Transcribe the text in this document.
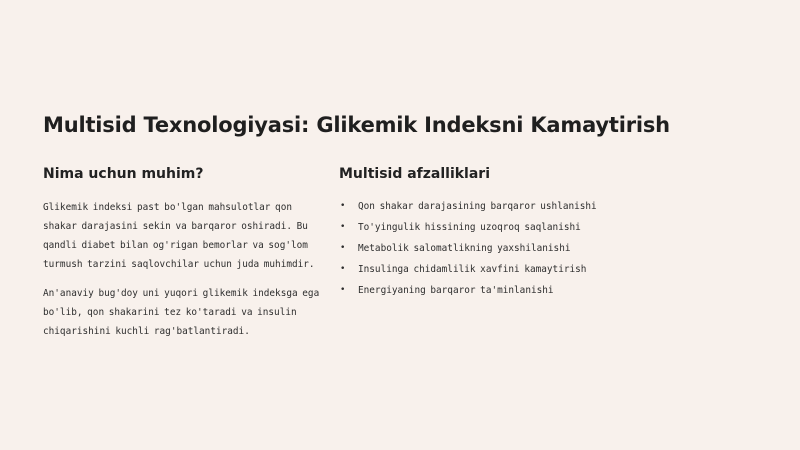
Multisid Texnologiyasi: Glikemik Indeksni Kamaytirish
Nima uchun muhim?

Glikemik indeksi past bo'lgan mahsulotlar qon shakar darajasini sekin va barqaror oshiradi. Bu qandli diabet bilan og'rigan bemorlar va sog'lom turmush tarzini saqlovchilar uchun juda muhimdir.

An'anaviy bug'doy uni yuqori glikemik indeksga ega bo'lib, qon shakarini tez ko'taradi va insulin chiqarishini kuchli rag'batlantiradi.

Multisid afzalliklari
• Qon shakar darajasining barqaror ushlanishi
• To'yingulik hissining uzoqroq saqlanishi
• Metabolik salomatlikning yaxshilanishi
• Insulinga chidamlilik xavfini kamaytirish
• Energiyaning barqaror ta'minlanishi
